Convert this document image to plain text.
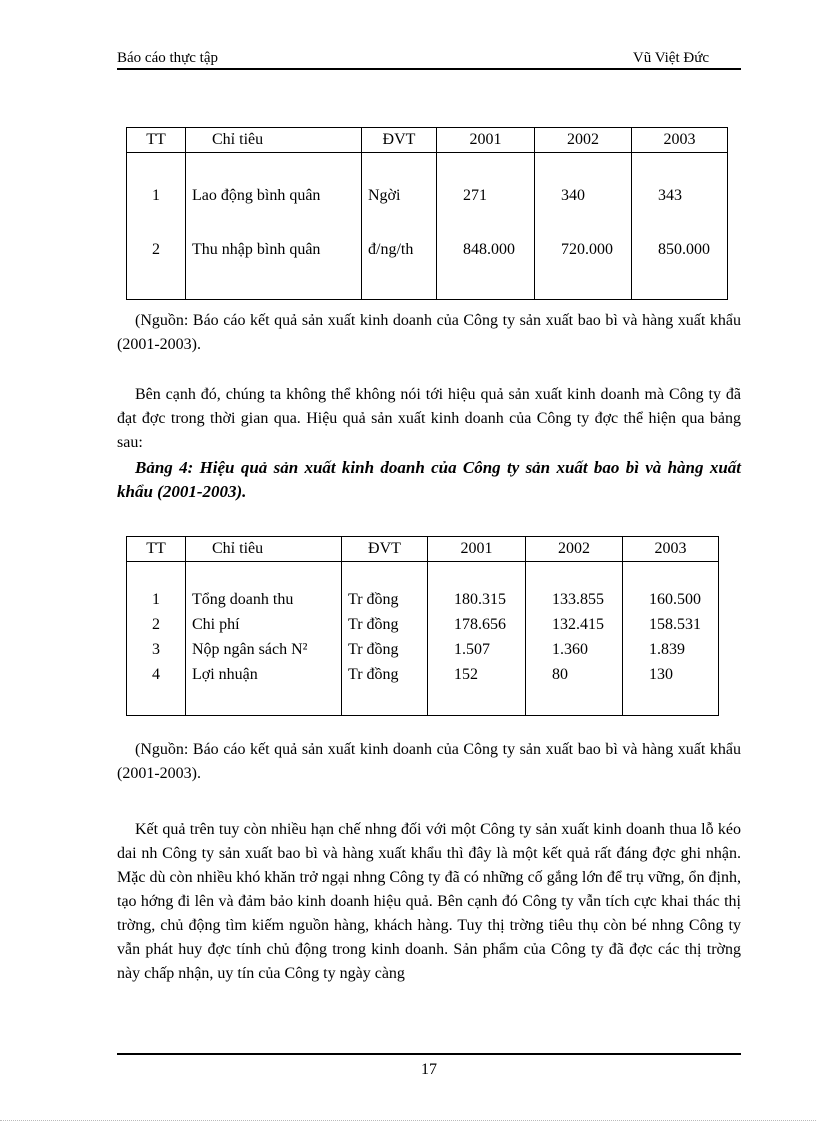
Báo cáo thực tập	Vũ Việt Đức
TT	Chỉ tiêu	ĐVT	2001	2002	2003
1	Lao động bình quân	Ngời	271	340	343
2	Thu nhập bình quân	đ/ng/th	848.000	720.000	850.000

(Nguồn: Báo cáo kết quả sản xuất kinh doanh của Công ty sản xuất bao bì và hàng xuất khẩu (2001-2003).
Bên cạnh đó, chúng ta không thể không nói tới hiệu quả sản xuất kinh doanh mà Công ty đã đạt đợc trong thời gian qua. Hiệu quả sản xuất kinh doanh của Công ty đợc thể hiện qua bảng sau:
Bảng 4: Hiệu quả sản xuất kinh doanh của Công ty sản xuất bao bì và hàng xuất khẩu (2001-2003).
TT	Chỉ tiêu	ĐVT	2001	2002	2003

1	Tổng doanh thu	Tr đồng	180.315	133.855	160.500
2	Chi phí	Tr đồng	178.656	132.415	158.531
3	Nộp ngân sách N²	Tr đồng	1.507	1.360	1.839
4	Lợi nhuận	Tr đồng	152	80	130

(Nguồn: Báo cáo kết quả sản xuất kinh doanh của Công ty sản xuất bao bì và hàng xuất khẩu (2001-2003).
Kết quả trên tuy còn nhiều hạn chế nhng đối với một Công ty sản xuất kinh doanh thua lỗ kéo dai nh Công ty sản xuất bao bì và hàng xuất khẩu thì đây là một kết quả rất đáng đợc ghi nhận. Mặc dù còn nhiều khó khăn trở ngại nhng Công ty đã có những cố gắng lớn để trụ vững, ổn định, tạo hớng đi lên và đảm bảo kinh doanh hiệu quả. Bên cạnh đó Công ty vẫn tích cực khai thác thị trờng, chủ động tìm kiếm nguồn hàng, khách hàng. Tuy thị trờng tiêu thụ còn bé nhng Công ty vẫn phát huy đợc tính chủ động trong kinh doanh. Sản phẩm của Công ty đã đợc các thị trờng này chấp nhận, uy tín của Công ty ngày càng
17
